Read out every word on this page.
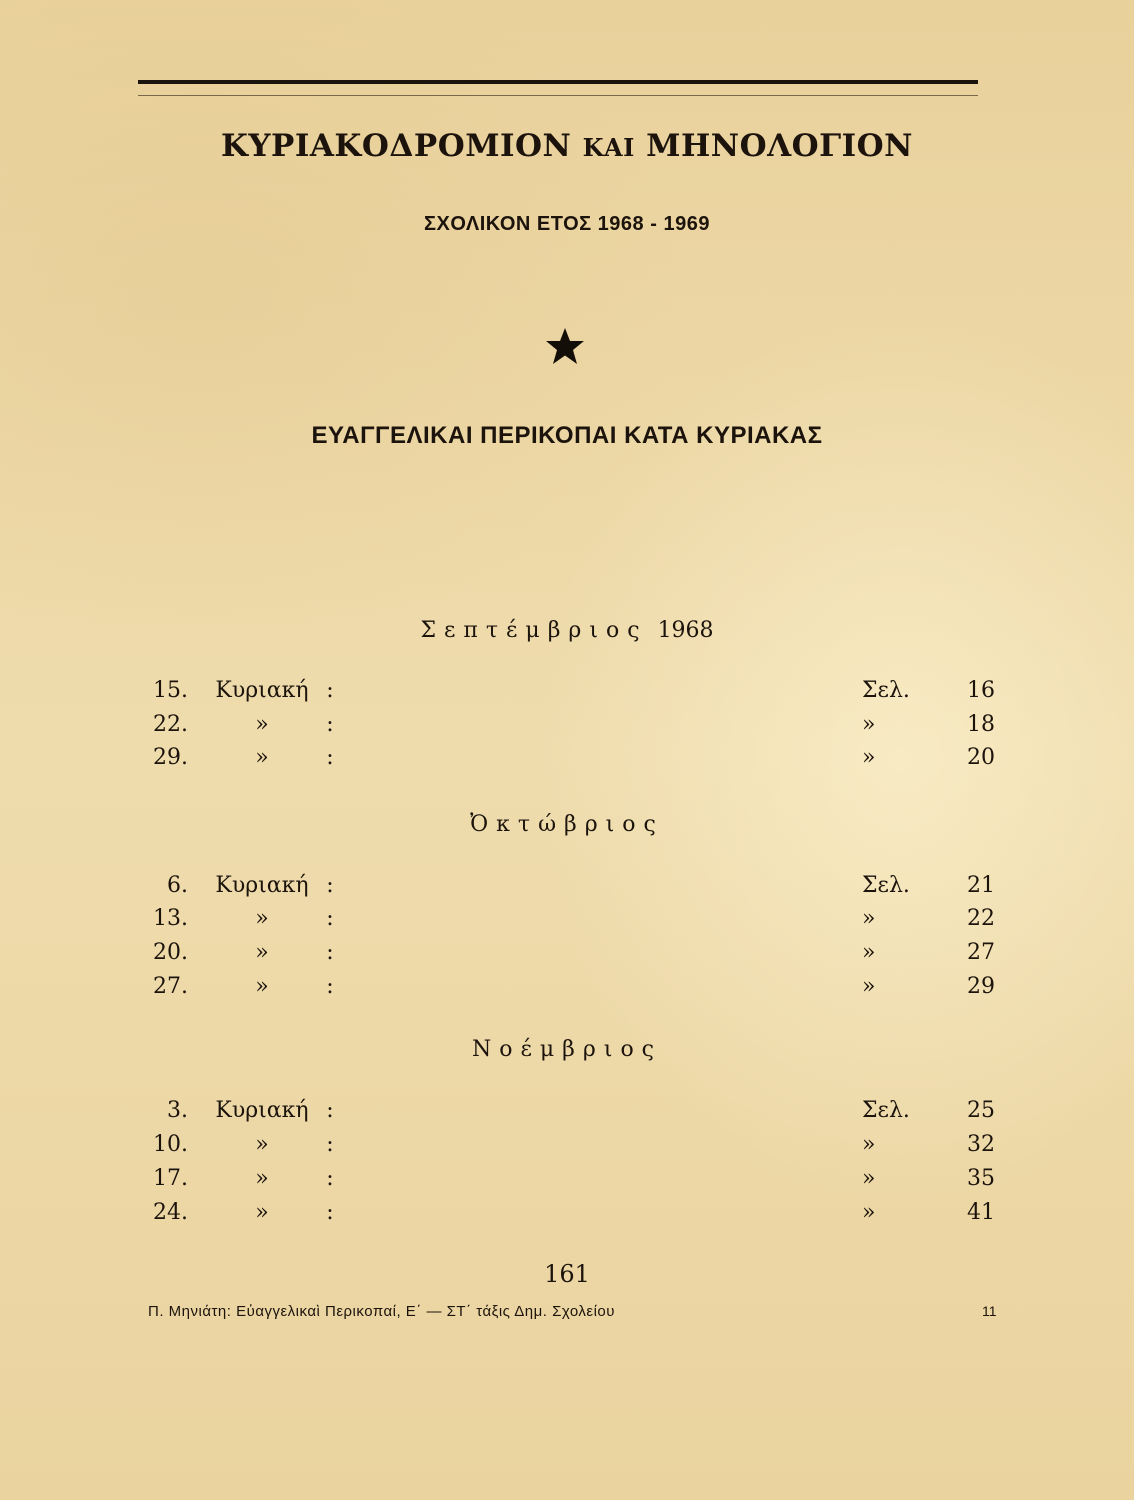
ΚΥΡΙΑΚΟΔΡΟΜΙΟΝ ΚΑΙ ΜΗΝΟΛΟΓΙΟΝ
ΣΧΟΛΙΚΟΝ ΕΤΟΣ 1968 - 1969
ΕΥΑΓΓΕΛΙΚΑΙ ΠΕΡΙΚΟΠΑΙ ΚΑΤΑ ΚΥΡΙΑΚΑΣ
Σεπτέμβριος 1968
15. Κυριακή :	Σελ.	16
22.	»	:	»	18
29.	»	:	»	20
Ὀκτώβριος
6. Κυριακή :	Σελ.	21
13.	»	:	»	22
20.	»	:	»	27
27.	»	:	»	29
Νοέμβριος
3. Κυριακή :	Σελ.	25
10.	»	:	»	32
17.	»	:	»	35
24.	»	:	»	41
161
Π. Μηνιάτη: Εὐαγγελικαὶ Περικοπαί, Ε΄ — ΣΤ΄ τάξις Δημ. Σχολείου	11
